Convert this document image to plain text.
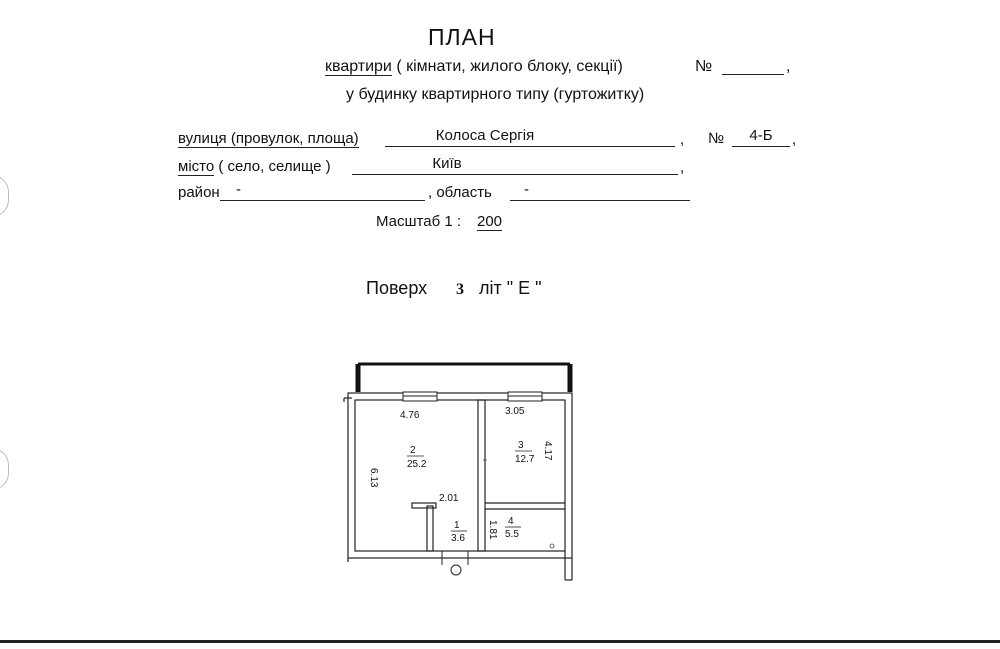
ПЛАН
квартири ( кімнати, жилого блоку, секції)	№	,
у будинку квартирного типу (гуртожитку)
вулиця (провулок, площа)	Колоса Сергія	, №	4-Б	,
місто ( село, селище )	Київ	,
район -	, область -
Масштаб 1 : 200
Поверх 3 літ " Е "
4.76	3.05
6.13
4.17
2.01
1.81
2
25.2
3
12.7
1
3.6
4
5.5
